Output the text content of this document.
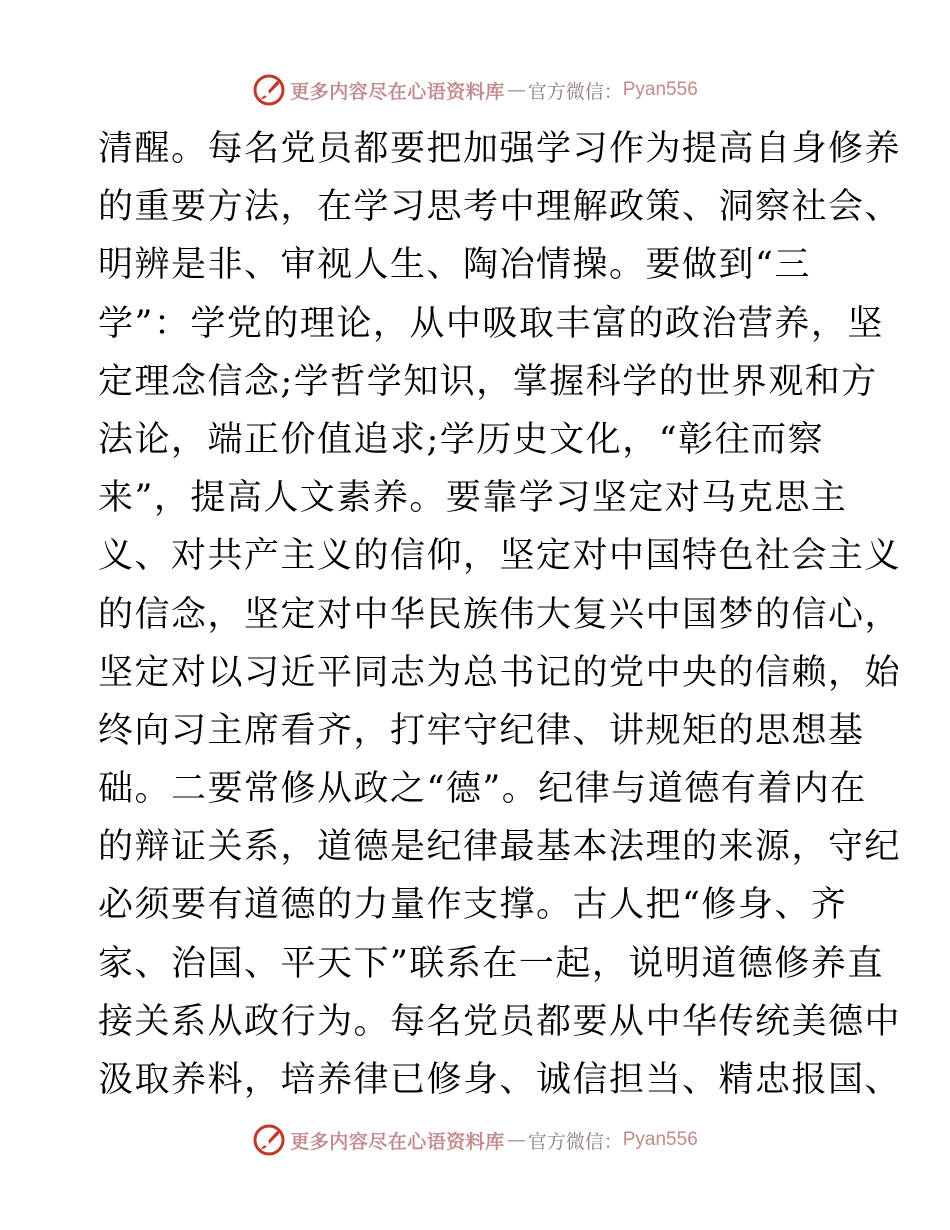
更多内容尽在心语资料库 — 官方微信： Pyan556
清醒。每名党员都要把加强学习作为提高自身修养
的重要方法，在学习思考中理解政策、洞察社会、
明辨是非、审视人生、陶冶情操。要做到“三
学”：学党的理论，从中吸取丰富的政治营养，坚
定理念信念;学哲学知识，掌握科学的世界观和方
法论，端正价值追求;学历史文化，“彰往而察
来”，提高人文素养。要靠学习坚定对马克思主
义、对共产主义的信仰，坚定对中国特色社会主义
的信念，坚定对中华民族伟大复兴中国梦的信心，
坚定对以习近平同志为总书记的党中央的信赖，始
终向习主席看齐，打牢守纪律、讲规矩的思想基
础。二要常修从政之“德”。纪律与道德有着内在
的辩证关系，道德是纪律最基本法理的来源，守纪
必须要有道德的力量作支撑。古人把“修身、齐
家、治国、平天下”联系在一起，说明道德修养直
接关系从政行为。每名党员都要从中华传统美德中
汲取养料，培养律已修身、诚信担当、精忠报国、
更多内容尽在心语资料库 — 官方微信： Pyan556
